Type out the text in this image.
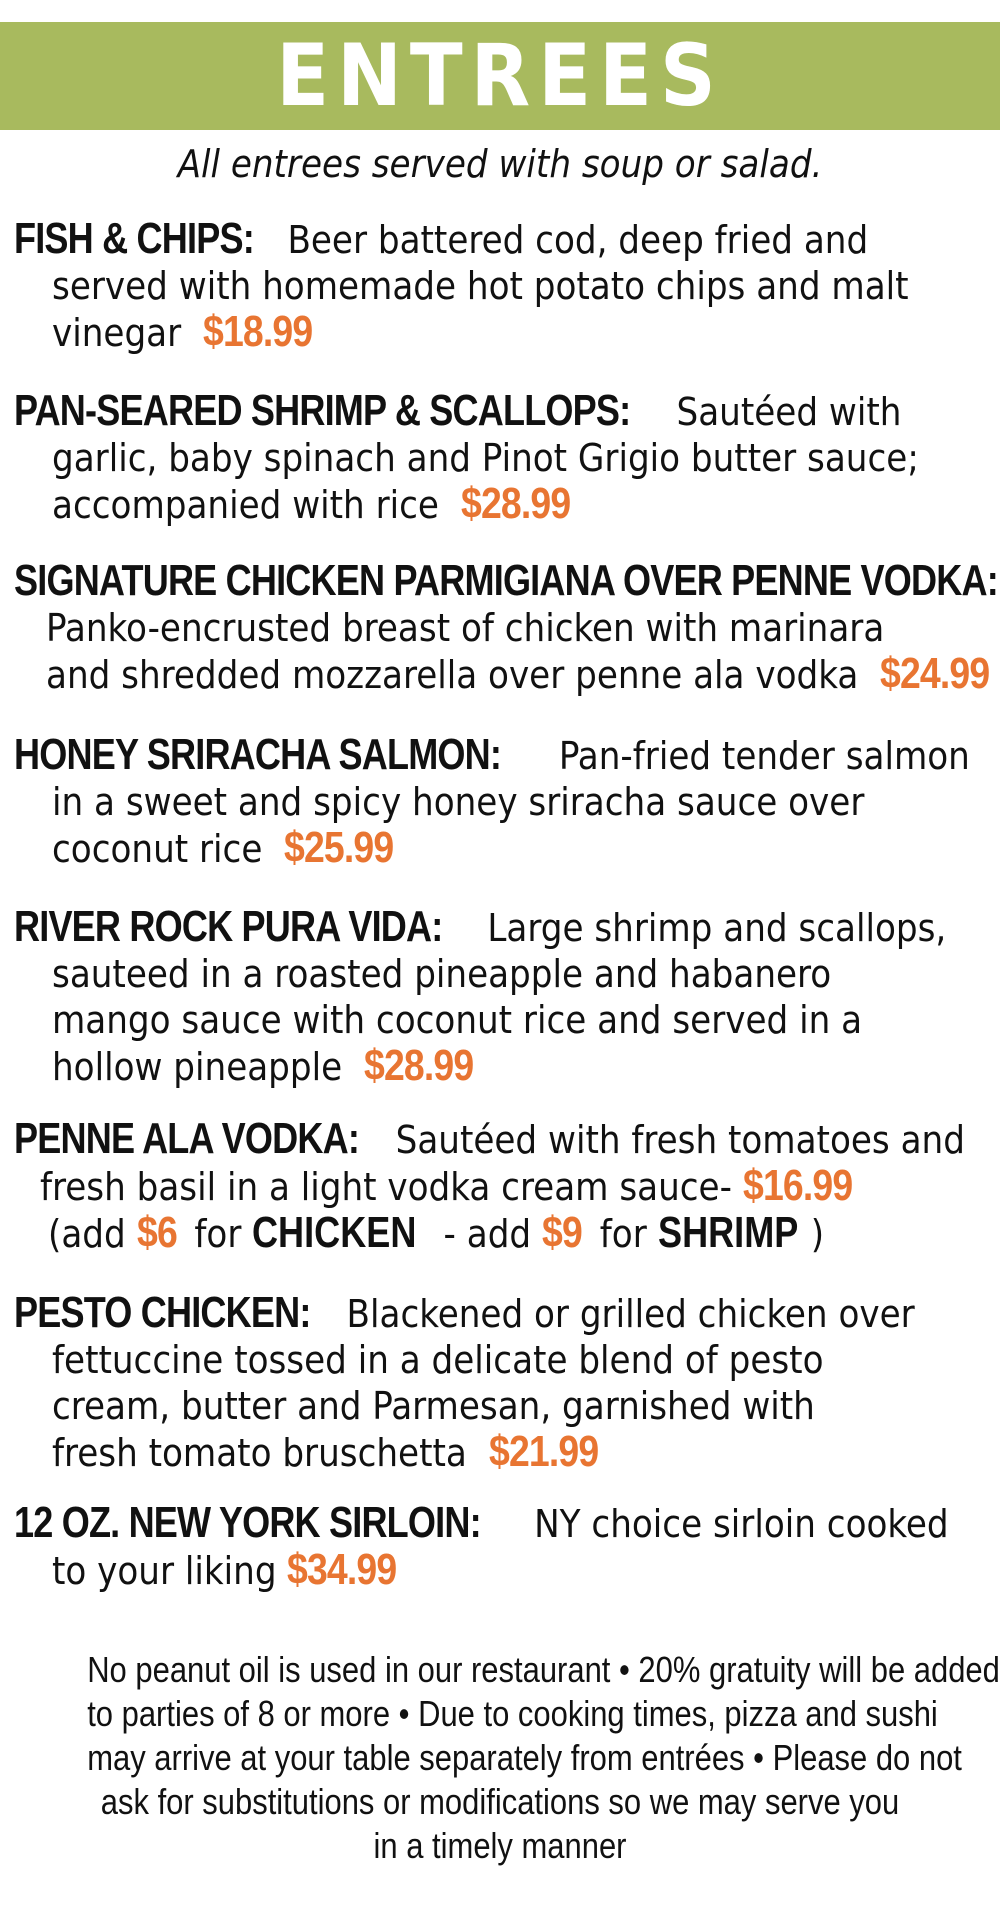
ENTREES
All entrees served with soup or salad.
FISH & CHIPS: Beer battered cod, deep fried and
served with homemade hot potato chips and malt
vinegar $18.99
PAN-SEARED SHRIMP & SCALLOPS: Sautéed with
garlic, baby spinach and Pinot Grigio butter sauce;
accompanied with rice $28.99
SIGNATURE CHICKEN PARMIGIANA OVER PENNE VODKA:
Panko-encrusted breast of chicken with marinara
and shredded mozzarella over penne ala vodka $24.99
HONEY SRIRACHA SALMON: Pan-fried tender salmon
in a sweet and spicy honey sriracha sauce over
coconut rice $25.99
RIVER ROCK PURA VIDA: Large shrimp and scallops,
sauteed in a roasted pineapple and habanero
mango sauce with coconut rice and served in a
hollow pineapple $28.99
PENNE ALA VODKA: Sautéed with fresh tomatoes and
fresh basil in a light vodka cream sauce- $16.99
(add $6 for CHICKEN - add $9 for SHRIMP )
PESTO CHICKEN: Blackened or grilled chicken over
fettuccine tossed in a delicate blend of pesto
cream, butter and Parmesan, garnished with
fresh tomato bruschetta $21.99
12 OZ. NEW YORK SIRLOIN: NY choice sirloin cooked
to your liking $34.99
No peanut oil is used in our restaurant • 20% gratuity will be added
to parties of 8 or more • Due to cooking times, pizza and sushi
may arrive at your table separately from entrées • Please do not
ask for substitutions or modifications so we may serve you
in a timely manner
